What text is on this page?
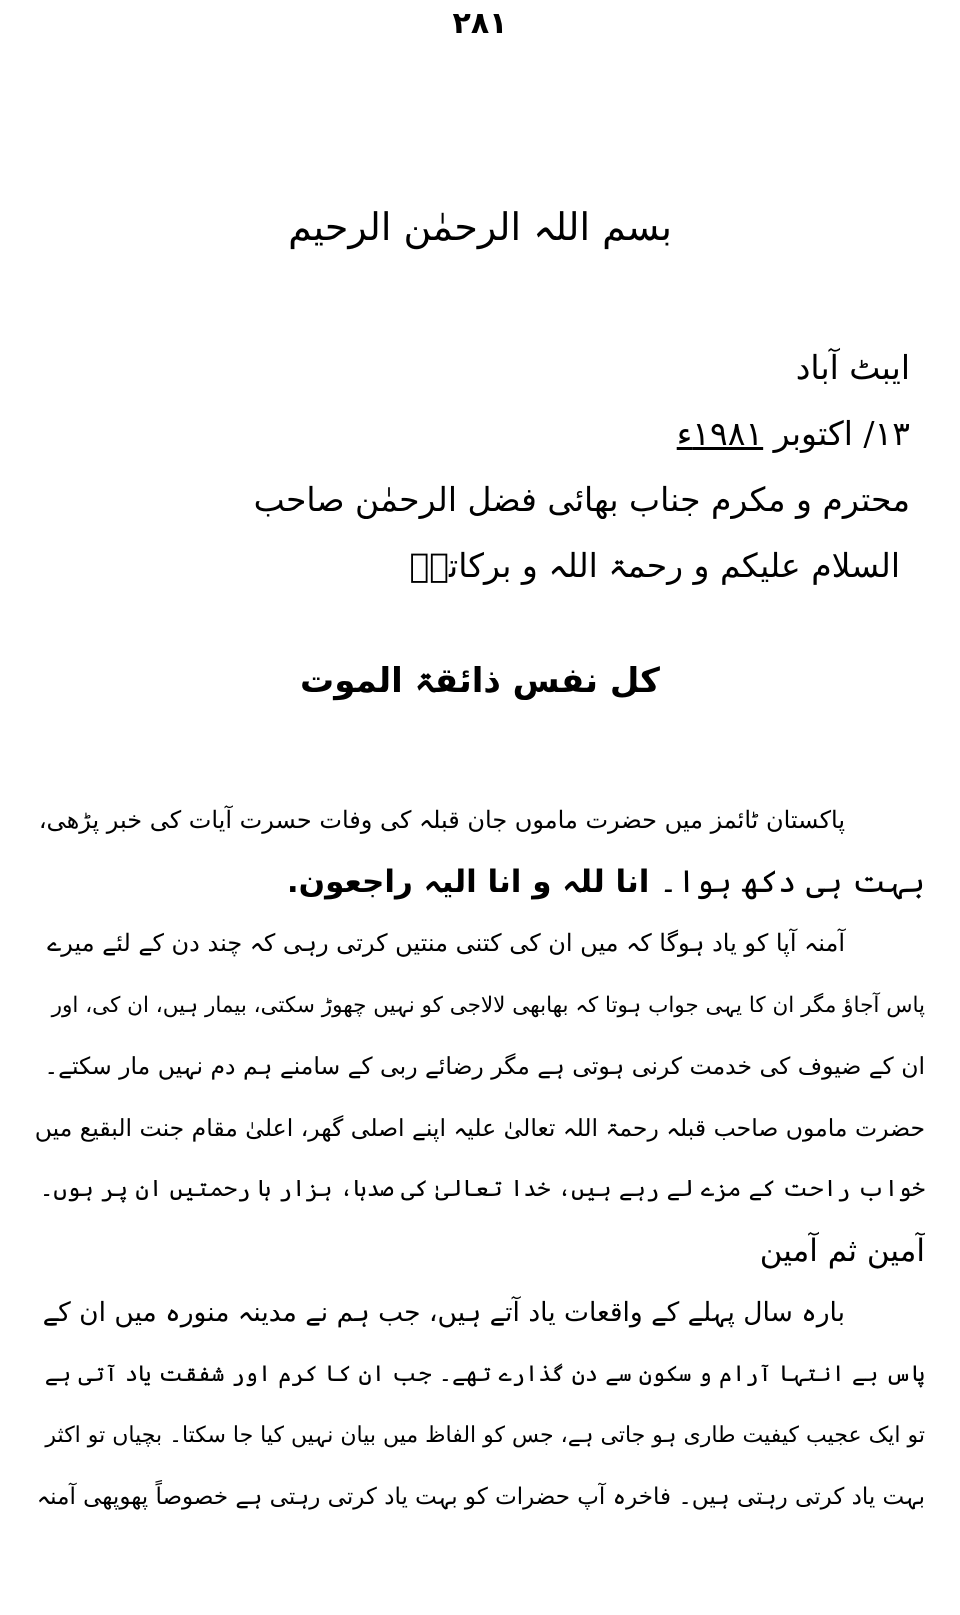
۲۸۱
بسم اللہ الرحمٰن الرحیم
ایبٹ آباد
۱۳/ اکتوبر ۱۹۸۱ء
محترم و مکرم جناب بھائی فضل الرحمٰن صاحب
السلام علیکم و رحمۃ اللہ و برکاتہٗ
کل نفس ذائقۃ الموت
پاکستان ٹائمز میں حضرت ماموں جان قبلہ کی وفات حسرت آیات کی خبر پڑھی،
بہت ہی دکھ ہوا۔ انا للہ و انا الیہ راجعون.
آمنہ آپا کو یاد ہوگا کہ میں ان کی کتنی منتیں کرتی رہی کہ چند دن کے لئے میرے
پاس آجاؤ مگر ان کا یہی جواب ہوتا کہ بھابھی لالاجی کو نہیں چھوڑ سکتی، بیمار ہیں، ان کی، اور
ان کے ضیوف کی خدمت کرنی ہوتی ہے مگر رضائے ربی کے سامنے ہم دم نہیں مار سکتے۔
حضرت ماموں صاحب قبلہ رحمۃ اللہ تعالیٰ علیہ اپنے اصلی گھر، اعلیٰ مقام جنت البقیع میں
خواب راحت کے مزے لے رہے ہیں، خدا تعالیٰ کی صدہا، ہزار ہا رحمتیں ان پر ہوں۔
آمین ثم آمین
بارہ سال پہلے کے واقعات یاد آتے ہیں، جب ہم نے مدینہ منورہ میں ان کے
پاس بے انتہا آرام و سکون سے دن گذارے تھے۔ جب ان کا کرم اور شفقت یاد آتی ہے
تو ایک عجیب کیفیت طاری ہو جاتی ہے، جس کو الفاظ میں بیان نہیں کیا جا سکتا۔ بچیاں تو اکثر
بہت یاد کرتی رہتی ہیں۔ فاخرہ آپ حضرات کو بہت یاد کرتی رہتی ہے خصوصاً پھوپھی آمنہ
